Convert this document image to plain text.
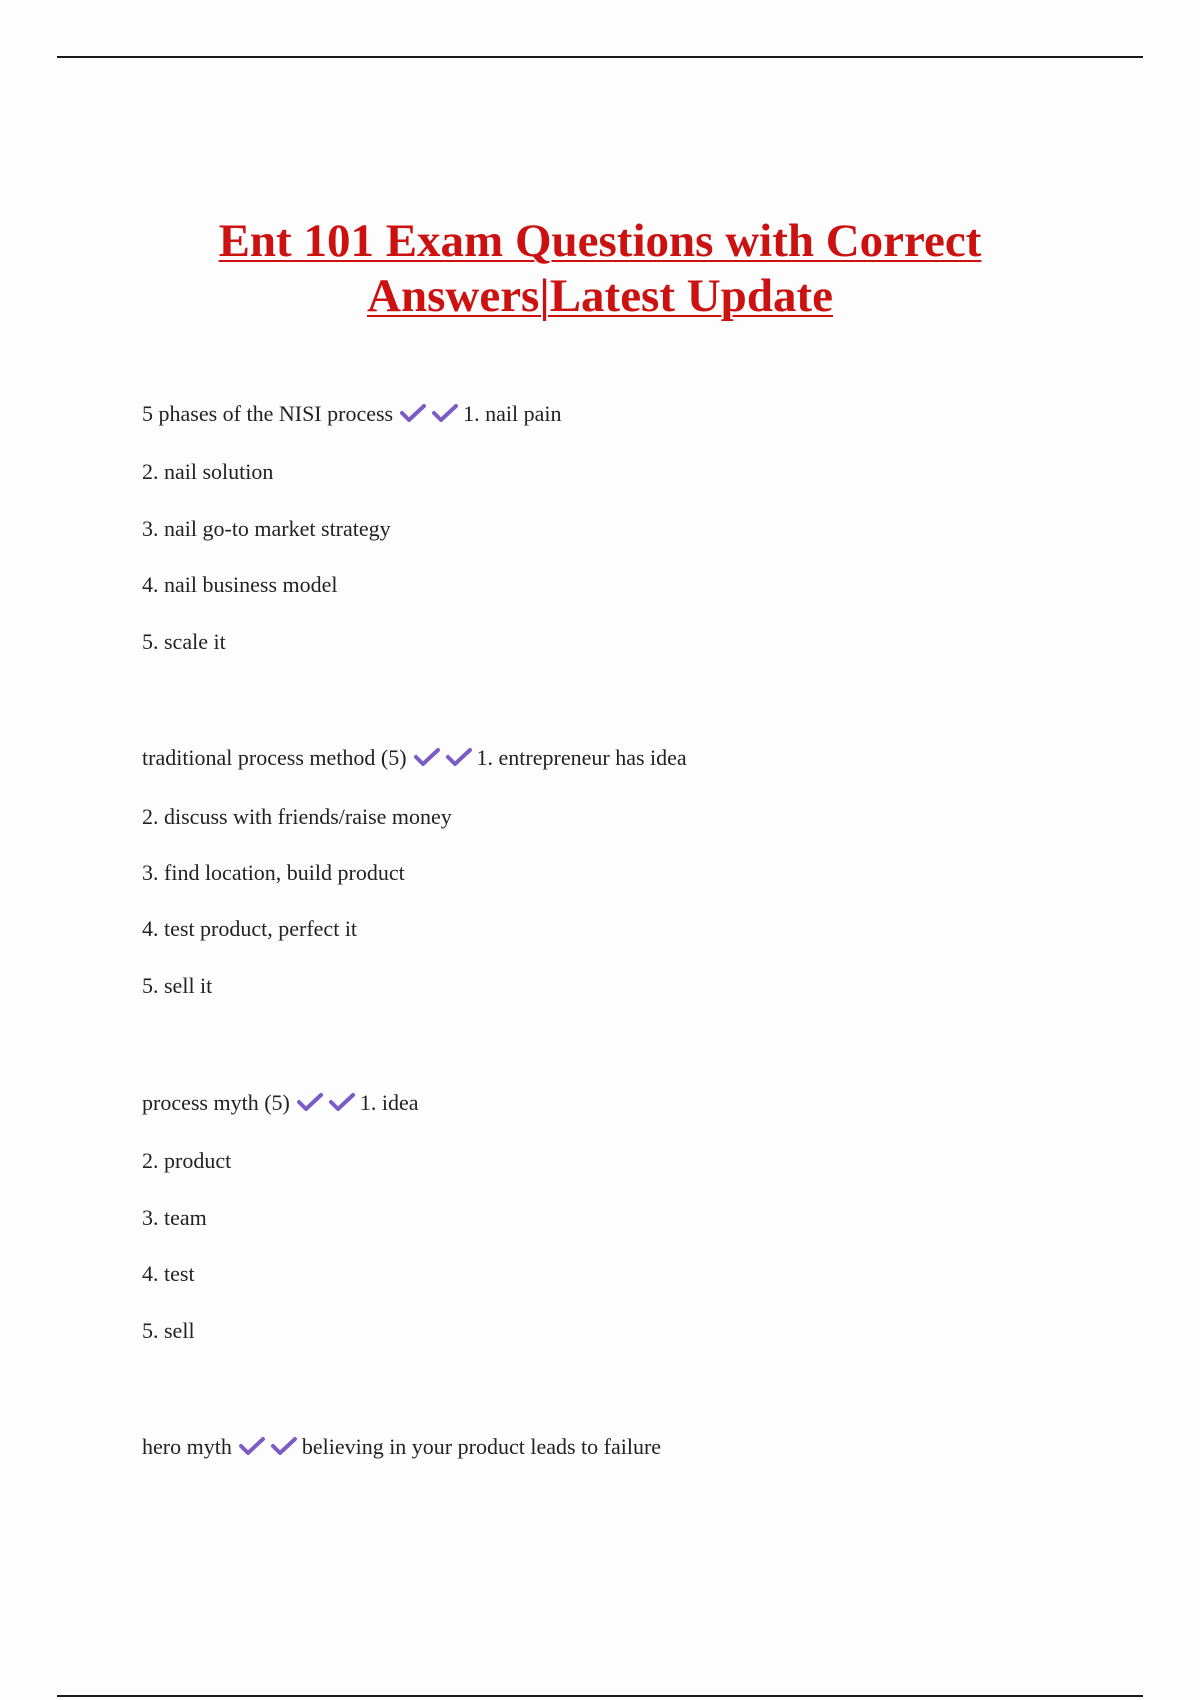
Ent 101 Exam Questions with Correct
Answers|Latest Update
5 phases of the NISI process	1. nail pain
2. nail solution
3. nail go-to market strategy
4. nail business model
5. scale it
traditional process method (5)	1. entrepreneur has idea
2. discuss with friends/raise money
3. find location, build product
4. test product, perfect it
5. sell it
process myth (5)	1. idea
2. product
3. team
4. test
5. sell
hero myth	believing in your product leads to failure
